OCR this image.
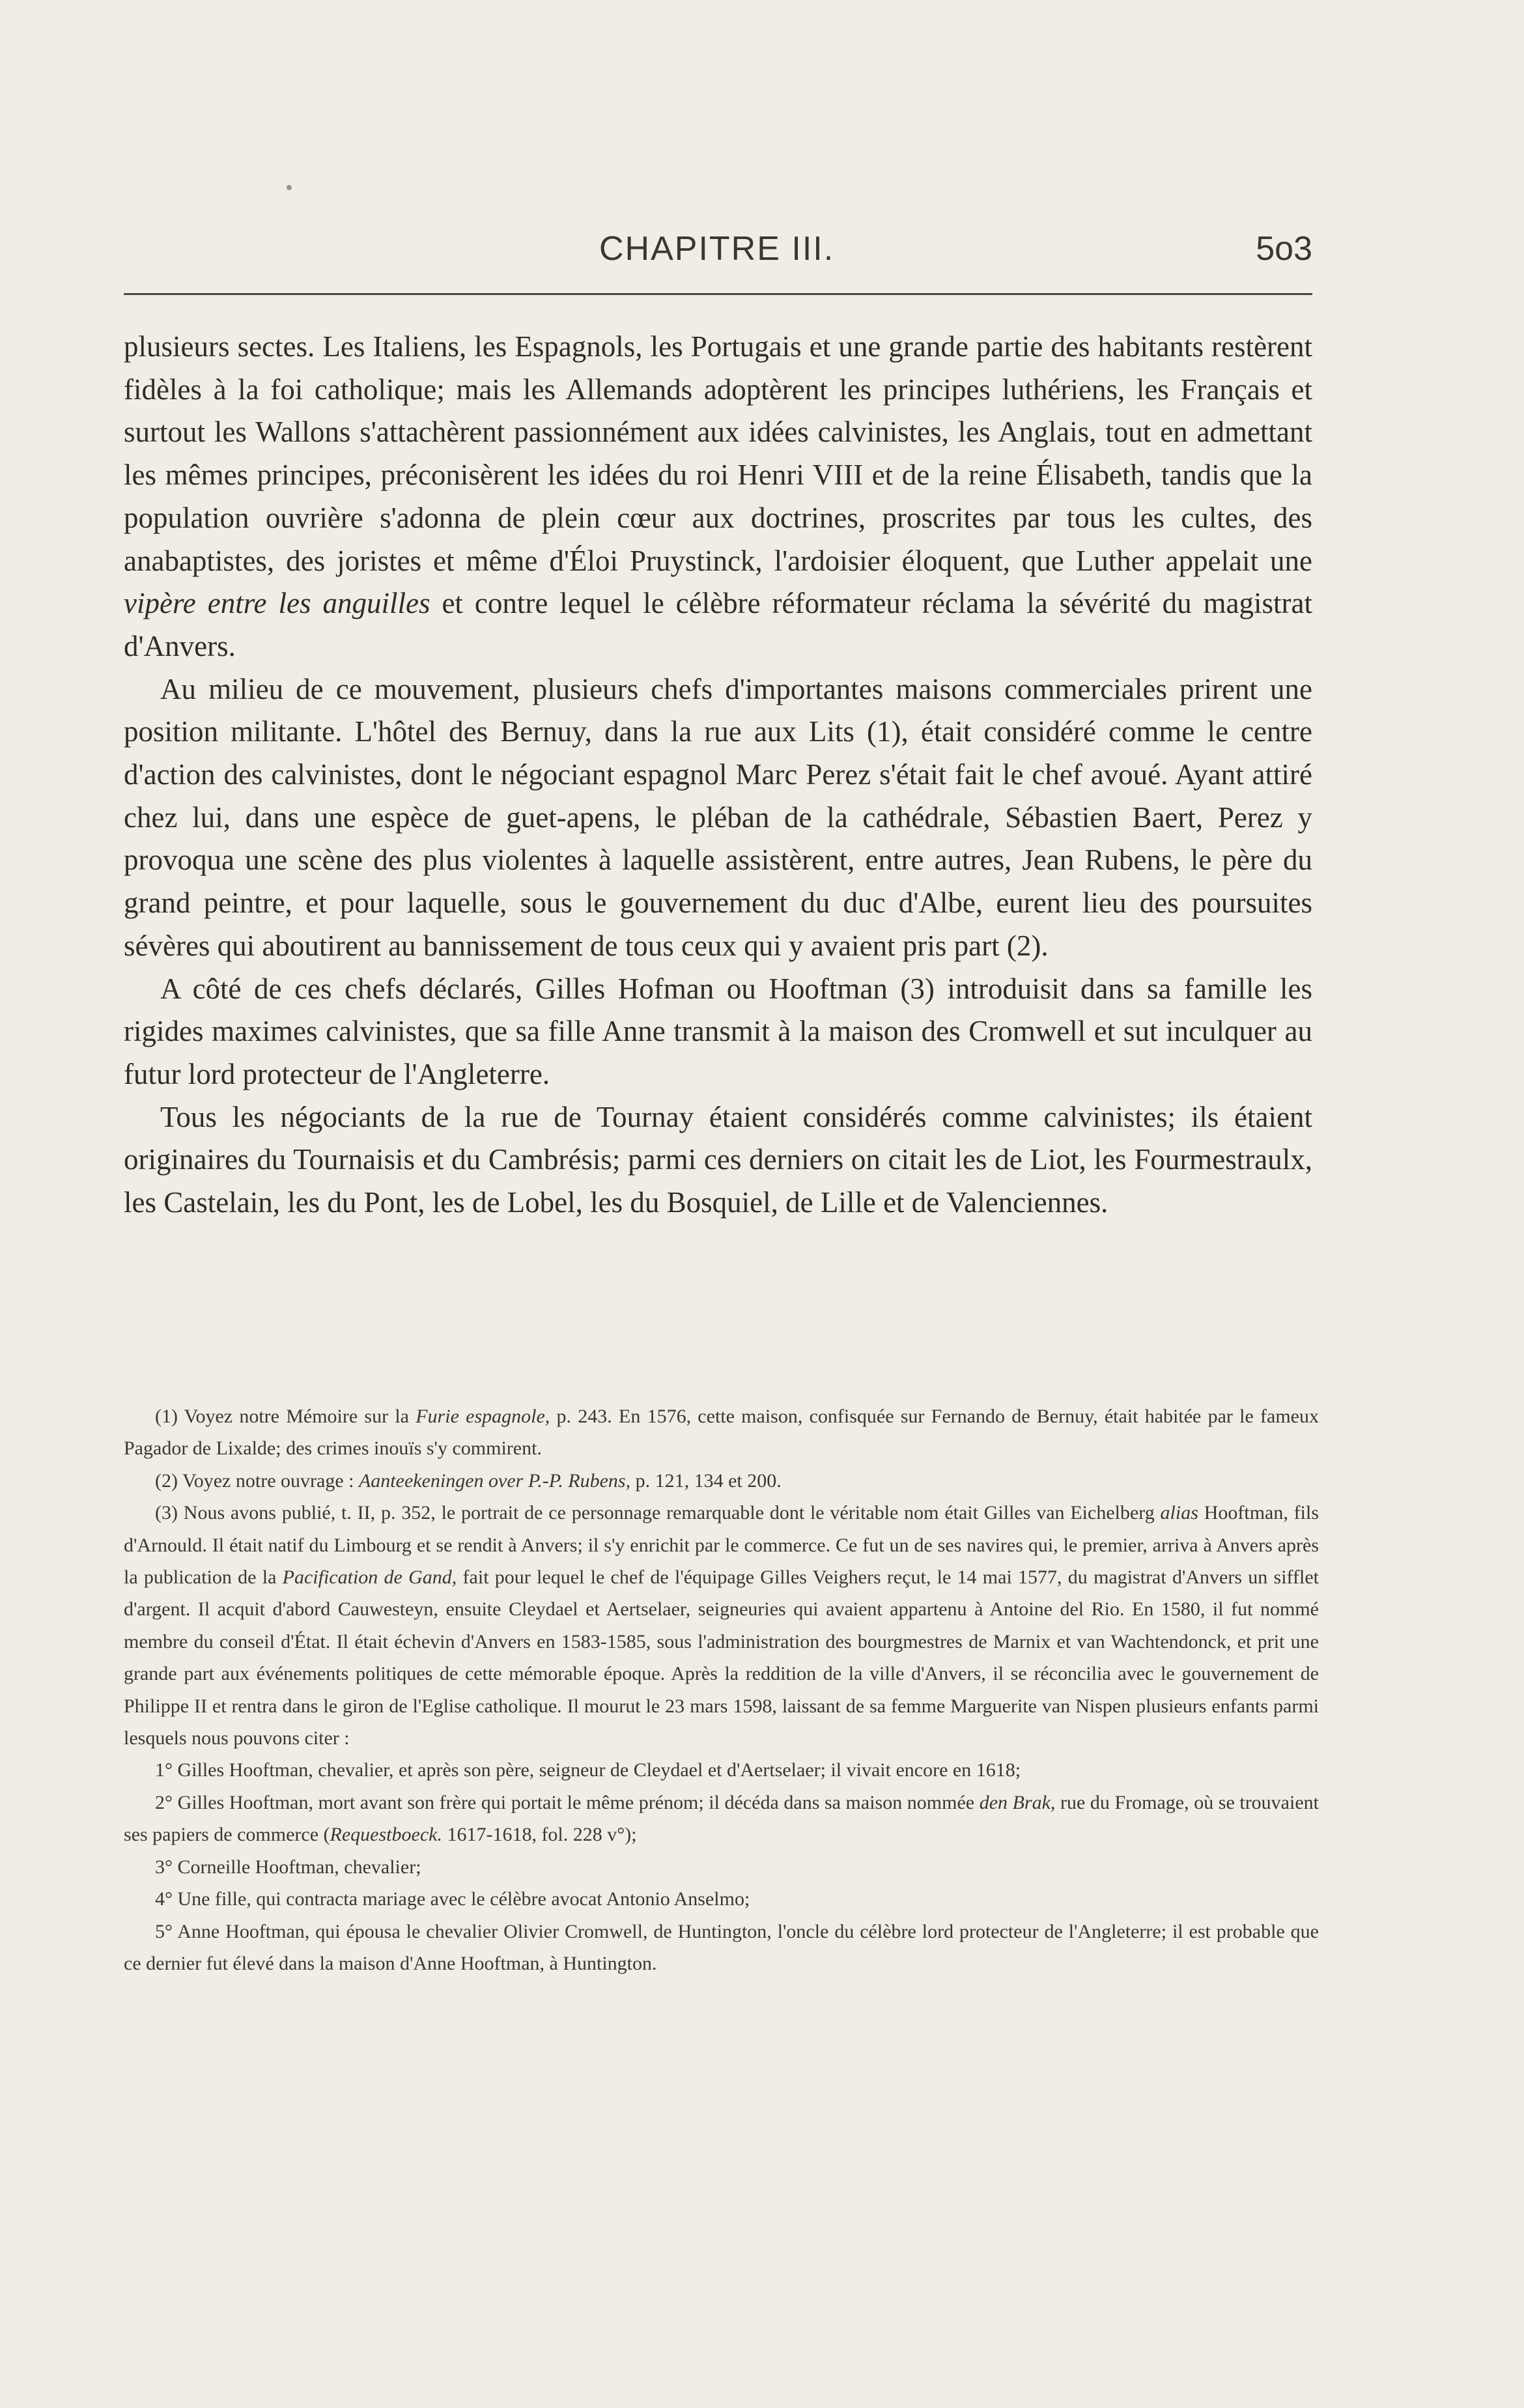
CHAPITRE III.	5o3

plusieurs sectes. Les Italiens, les Espagnols, les Portugais et une grande partie des habitants restèrent fidèles à la foi catholique; mais les Allemands adoptèrent les principes luthériens, les Français et surtout les Wallons s'attachèrent passionnément aux idées calvinistes, les Anglais, tout en admettant les mêmes principes, préconisèrent les idées du roi Henri VIII et de la reine Élisabeth, tandis que la population ouvrière s'adonna de plein cœur aux doctrines, proscrites par tous les cultes, des anabaptistes, des joristes et même d'Éloi Pruystinck, l'ardoisier éloquent, que Luther appelait une vipère entre les anguilles et contre lequel le célèbre réformateur réclama la sévérité du magistrat d'Anvers.

Au milieu de ce mouvement, plusieurs chefs d'importantes maisons commerciales prirent une position militante. L'hôtel des Bernuy, dans la rue aux Lits (1), était considéré comme le centre d'action des calvinistes, dont le négociant espagnol Marc Perez s'était fait le chef avoué. Ayant attiré chez lui, dans une espèce de guet-apens, le pléban de la cathédrale, Sébastien Baert, Perez y provoqua une scène des plus violentes à laquelle assistèrent, entre autres, Jean Rubens, le père du grand peintre, et pour laquelle, sous le gouvernement du duc d'Albe, eurent lieu des poursuites sévères qui aboutirent au bannissement de tous ceux qui y avaient pris part (2).

A côté de ces chefs déclarés, Gilles Hofman ou Hooftman (3) introduisit dans sa famille les rigides maximes calvinistes, que sa fille Anne transmit à la maison des Cromwell et sut inculquer au futur lord protecteur de l'Angleterre.

Tous les négociants de la rue de Tournay étaient considérés comme calvinistes; ils étaient originaires du Tournaisis et du Cambrésis; parmi ces derniers on citait les de Liot, les Fourmestraulx, les Castelain, les du Pont, les de Lobel, les du Bosquiel, de Lille et de Valenciennes.

(1) Voyez notre Mémoire sur la Furie espagnole, p. 243. En 1576, cette maison, confisquée sur Fernando de Bernuy, était habitée par le fameux Pagador de Lixalde; des crimes inouïs s'y commirent.

(2) Voyez notre ouvrage : Aanteekeningen over P.-P. Rubens, p. 121, 134 et 200.

(3) Nous avons publié, t. II, p. 352, le portrait de ce personnage remarquable dont le véritable nom était Gilles van Eichelberg alias Hooftman, fils d'Arnould. Il était natif du Limbourg et se rendit à Anvers; il s'y enrichit par le commerce. Ce fut un de ses navires qui, le premier, arriva à Anvers après la publication de la Pacification de Gand, fait pour lequel le chef de l'équipage Gilles Veighers reçut, le 14 mai 1577, du magistrat d'Anvers un sifflet d'argent. Il acquit d'abord Cauwesteyn, ensuite Cleydael et Aertselaer, seigneuries qui avaient appartenu à Antoine del Rio. En 1580, il fut nommé membre du conseil d'État. Il était échevin d'Anvers en 1583-1585, sous l'administration des bourgmestres de Marnix et van Wachtendonck, et prit une grande part aux événements politiques de cette mémorable époque. Après la reddition de la ville d'Anvers, il se réconcilia avec le gouvernement de Philippe II et rentra dans le giron de l'Eglise catholique. Il mourut le 23 mars 1598, laissant de sa femme Marguerite van Nispen plusieurs enfants parmi lesquels nous pouvons citer :

1° Gilles Hooftman, chevalier, et après son père, seigneur de Cleydael et d'Aertselaer; il vivait encore en 1618;

2° Gilles Hooftman, mort avant son frère qui portait le même prénom; il décéda dans sa maison nommée den Brak, rue du Fromage, où se trouvaient ses papiers de commerce (Requestboeck. 1617-1618, fol. 228 v°);

3° Corneille Hooftman, chevalier;

4° Une fille, qui contracta mariage avec le célèbre avocat Antonio Anselmo;

5° Anne Hooftman, qui épousa le chevalier Olivier Cromwell, de Huntington, l'oncle du célèbre lord protecteur de l'Angleterre; il est probable que ce dernier fut élevé dans la maison d'Anne Hooftman, à Huntington.
